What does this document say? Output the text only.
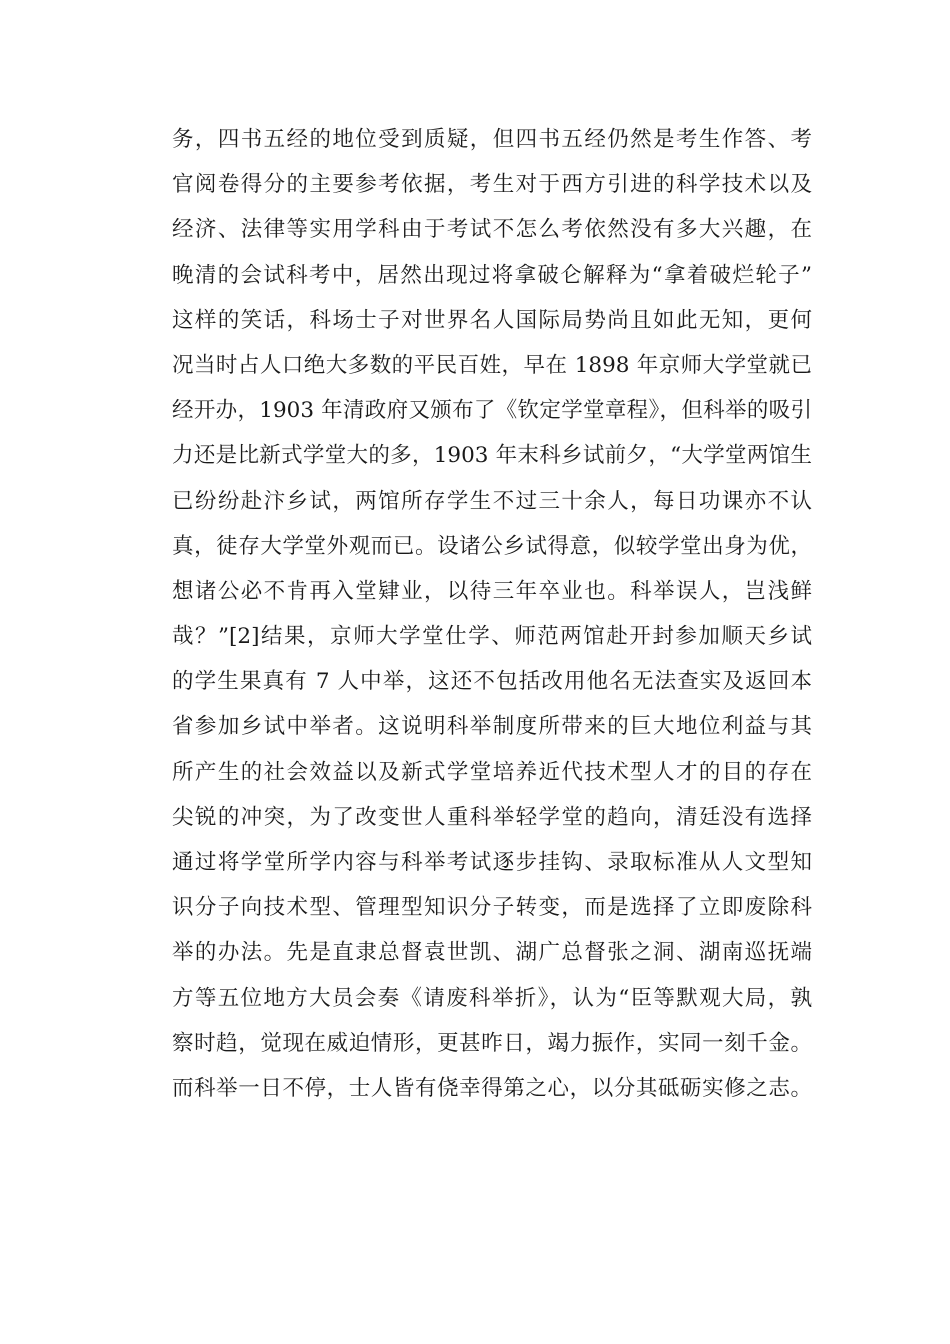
务，四书五经的地位受到质疑，但四书五经仍然是考生作答、考
官阅卷得分的主要参考依据，考生对于西方引进的科学技术以及
经济、法律等实用学科由于考试不怎么考依然没有多大兴趣，在
晚清的会试科考中，居然出现过将拿破仑解释为“拿着破烂轮子”
这样的笑话，科场士子对世界名人国际局势尚且如此无知，更何
况当时占人口绝大多数的平民百姓，早在 1898 年京师大学堂就已
经开办，1903 年清政府又颁布了《钦定学堂章程》，但科举的吸引
力还是比新式学堂大的多，1903 年末科乡试前夕，“大学堂两馆生
已纷纷赴汴乡试，两馆所存学生不过三十余人，每日功课亦不认
真，徒存大学堂外观而已。设诸公乡试得意，似较学堂出身为优，
想诸公必不肯再入堂肄业，以待三年卒业也。科举误人，岂浅鲜
哉？”[2]结果，京师大学堂仕学、师范两馆赴开封参加顺天乡试
的学生果真有 7 人中举，这还不包括改用他名无法查实及返回本
省参加乡试中举者。这说明科举制度所带来的巨大地位利益与其
所产生的社会效益以及新式学堂培养近代技术型人才的目的存在
尖锐的冲突，为了改变世人重科举轻学堂的趋向，清廷没有选择
通过将学堂所学内容与科举考试逐步挂钩、录取标准从人文型知
识分子向技术型、管理型知识分子转变，而是选择了立即废除科
举的办法。先是直隶总督袁世凯、湖广总督张之洞、湖南巡抚端
方等五位地方大员会奏《请废科举折》，认为“臣等默观大局，孰
察时趋，觉现在威迫情形，更甚昨日，竭力振作，实同一刻千金。
而科举一日不停，士人皆有侥幸得第之心，以分其砥砺实修之志。
